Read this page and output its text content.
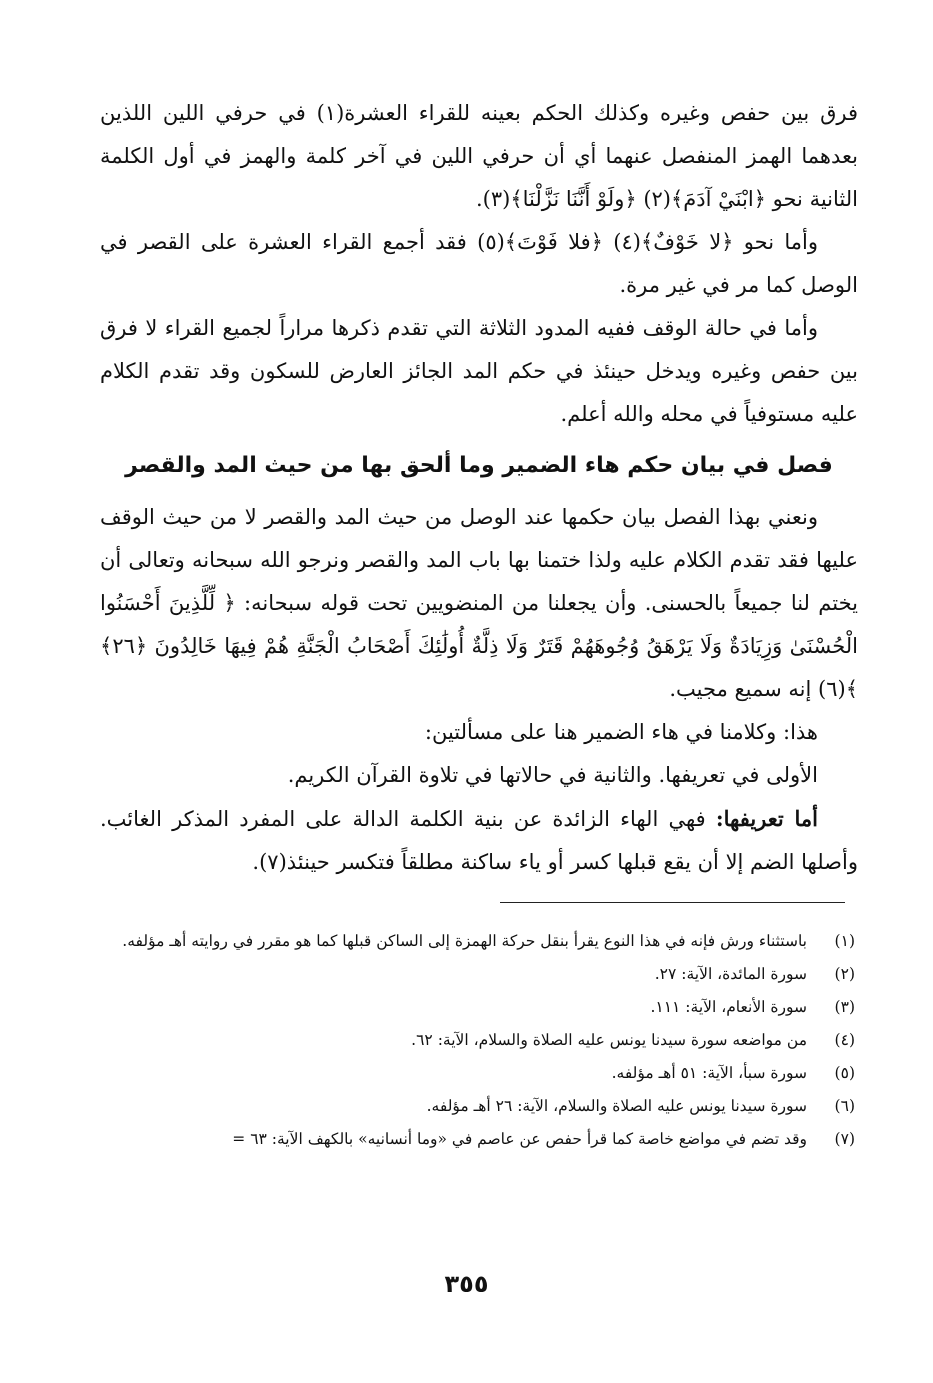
فرق بين حفص وغيره وكذلك الحكم بعينه للقراء العشرة(١) في حرفي اللين اللذين بعدهما الهمز المنفصل عنهما أي أن حرفي اللين في آخر كلمة والهمز في أول الكلمة الثانية نحو ﴿ابْنَيْ آدَمَ﴾(٢) ﴿ولَوْ أَنَّنَا نَزَّلْنَا﴾(٣).

وأما نحو ﴿لا خَوْفٌ﴾(٤) ﴿فلا فَوْتَ﴾(٥) فقد أجمع القراء العشرة على القصر في الوصل كما مر في غير مرة.

وأما في حالة الوقف ففيه المدود الثلاثة التي تقدم ذكرها مراراً لجميع القراء لا فرق بين حفص وغيره ويدخل حينئذ في حكم المد الجائز العارض للسكون وقد تقدم الكلام عليه مستوفياً في محله والله أعلم.

فصل في بيان حكم هاء الضمير وما ألحق بها من حيث المد والقصر

ونعني بهذا الفصل بيان حكمها عند الوصل من حيث المد والقصر لا من حيث الوقف عليها فقد تقدم الكلام عليه ولذا ختمنا بها باب المد والقصر ونرجو الله سبحانه وتعالى أن يختم لنا جميعاً بالحسنى. وأن يجعلنا من المنضويين تحت قوله سبحانه: ﴿ لِّلَّذِينَ أَحْسَنُوا الْحُسْنَىٰ وَزِيَادَةٌ وَلَا يَرْهَقُ وُجُوهَهُمْ قَتَرٌ وَلَا ذِلَّةٌ أُولَٰئِكَ أَصْحَابُ الْجَنَّةِ هُمْ فِيهَا خَالِدُونَ ﴿٢٦﴾ ﴾(٦) إنه سميع مجيب.

هذا: وكلامنا في هاء الضمير هنا على مسألتين:

الأولى في تعريفها. والثانية في حالاتها في تلاوة القرآن الكريم.

أما تعريفها: فهي الهاء الزائدة عن بنية الكلمة الدالة على المفرد المذكر الغائب. وأصلها الضم إلا أن يقع قبلها كسر أو ياء ساكنة مطلقاً فتكسر حينئذ(٧).

(١)
باستثناء ورش فإنه في هذا النوع يقرأ بنقل حركة الهمزة إلى الساكن قبلها كما هو مقرر في روايته أهـ مؤلفه.
(٢)
سورة المائدة، الآية: ٢٧.
(٣)
سورة الأنعام، الآية: ١١١.
(٤)
من مواضعه سورة سيدنا يونس عليه الصلاة والسلام، الآية: ٦٢.
(٥)
سورة سبأ، الآية: ٥١ أهـ مؤلفه.
(٦)
سورة سيدنا يونس عليه الصلاة والسلام، الآية: ٢٦ أهـ مؤلفه.
(٧)
وقد تضم في مواضع خاصة كما قرأ حفص عن عاصم في «وما أنسانيه» بالكهف الآية: ٦٣ =
٣٥٥
